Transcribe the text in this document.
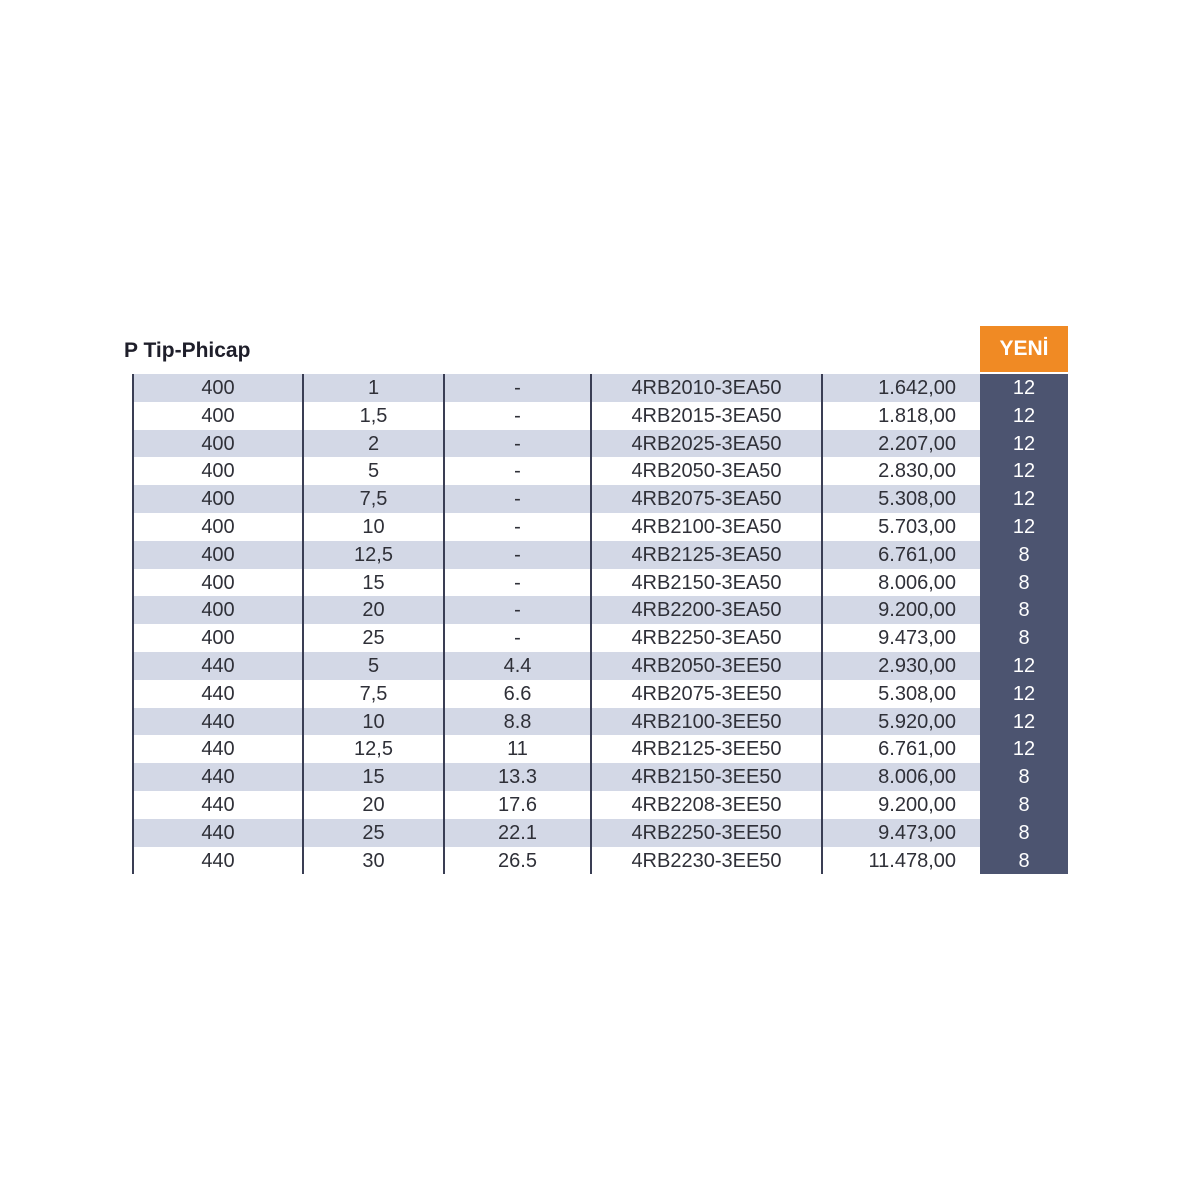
P Tip-Phicap	YENİ
400	1	-	4RB2010-3EA50	1.642,00	12
400	1,5	-	4RB2015-3EA50	1.818,00	12
400	2	-	4RB2025-3EA50	2.207,00	12
400	5	-	4RB2050-3EA50	2.830,00	12
400	7,5	-	4RB2075-3EA50	5.308,00	12
400	10	-	4RB2100-3EA50	5.703,00	12
400	12,5	-	4RB2125-3EA50	6.761,00	8
400	15	-	4RB2150-3EA50	8.006,00	8
400	20	-	4RB2200-3EA50	9.200,00	8
400	25	-	4RB2250-3EA50	9.473,00	8
440	5	4.4	4RB2050-3EE50	2.930,00	12
440	7,5	6.6	4RB2075-3EE50	5.308,00	12
440	10	8.8	4RB2100-3EE50	5.920,00	12
440	12,5	11	4RB2125-3EE50	6.761,00	12
440	15	13.3	4RB2150-3EE50	8.006,00	8
440	20	17.6	4RB2208-3EE50	9.200,00	8
440	25	22.1	4RB2250-3EE50	9.473,00	8
440	30	26.5	4RB2230-3EE50	11.478,00	8
